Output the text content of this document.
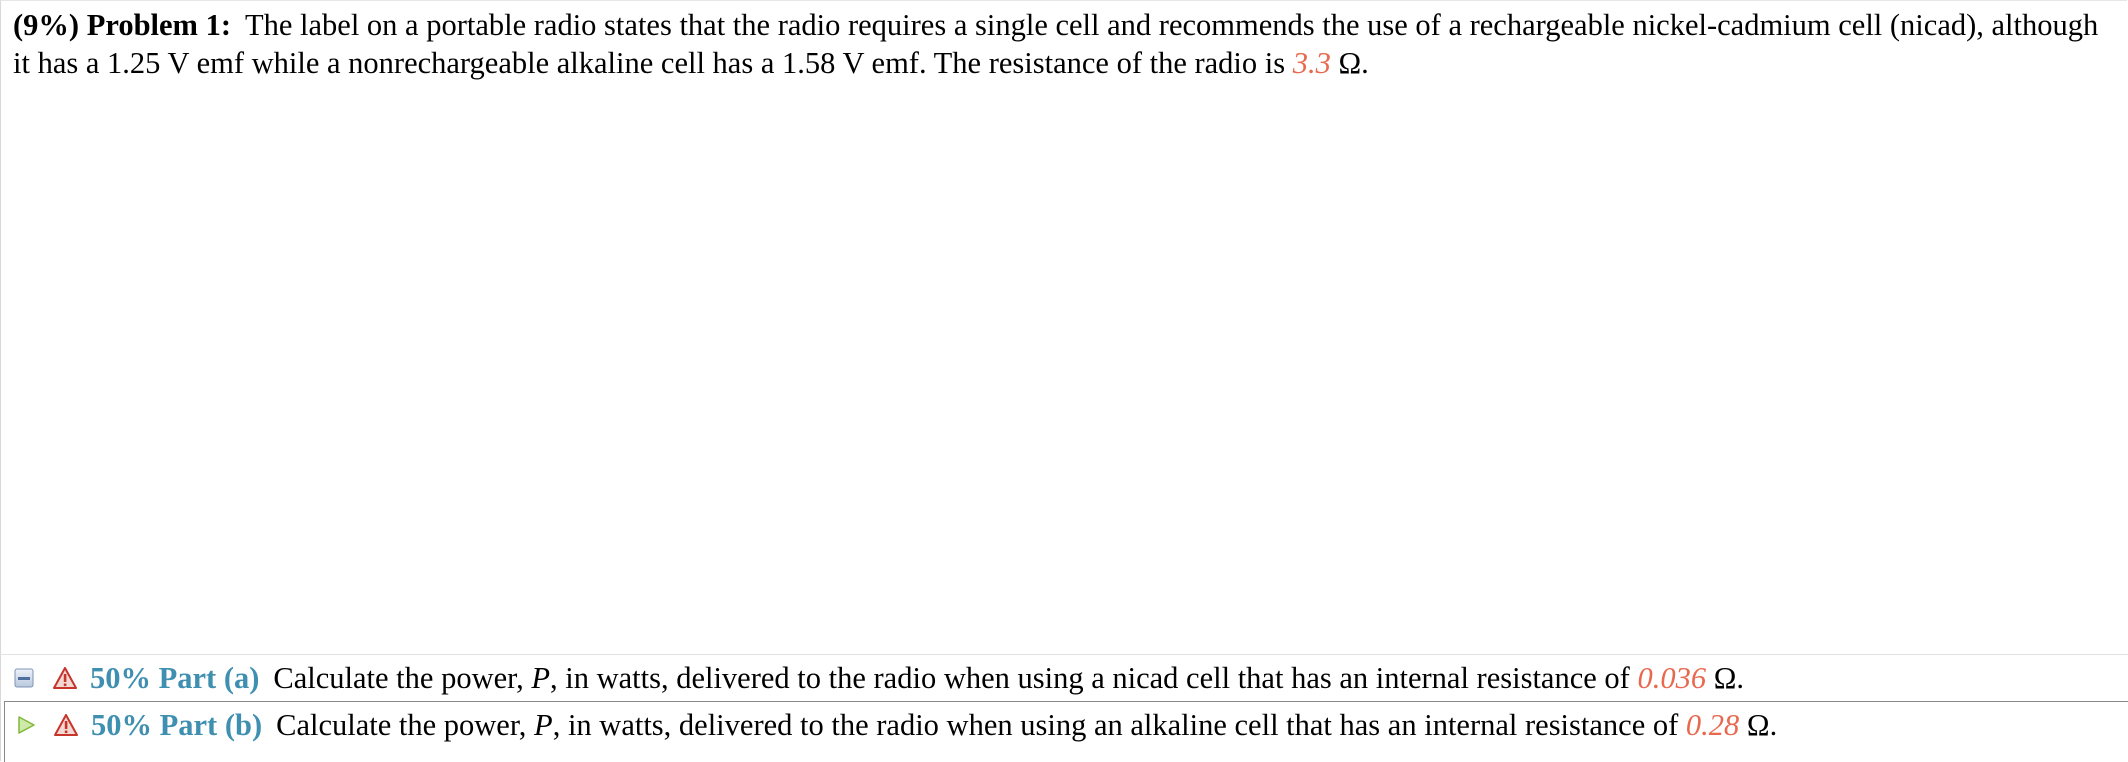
(9%) Problem 1: The label on a portable radio states that the radio requires a single cell and recommends the use of a rechargeable nickel-cadmium cell (nicad), although it has a 1.25 V emf while a nonrechargeable alkaline cell has a 1.58 V emf. The resistance of the radio is 3.3 Ω.
50% Part (a) Calculate the power, P, in watts, delivered to the radio when using a nicad cell that has an internal resistance of 0.036 Ω.
50% Part (b) Calculate the power, P, in watts, delivered to the radio when using an alkaline cell that has an internal resistance of 0.28 Ω.
